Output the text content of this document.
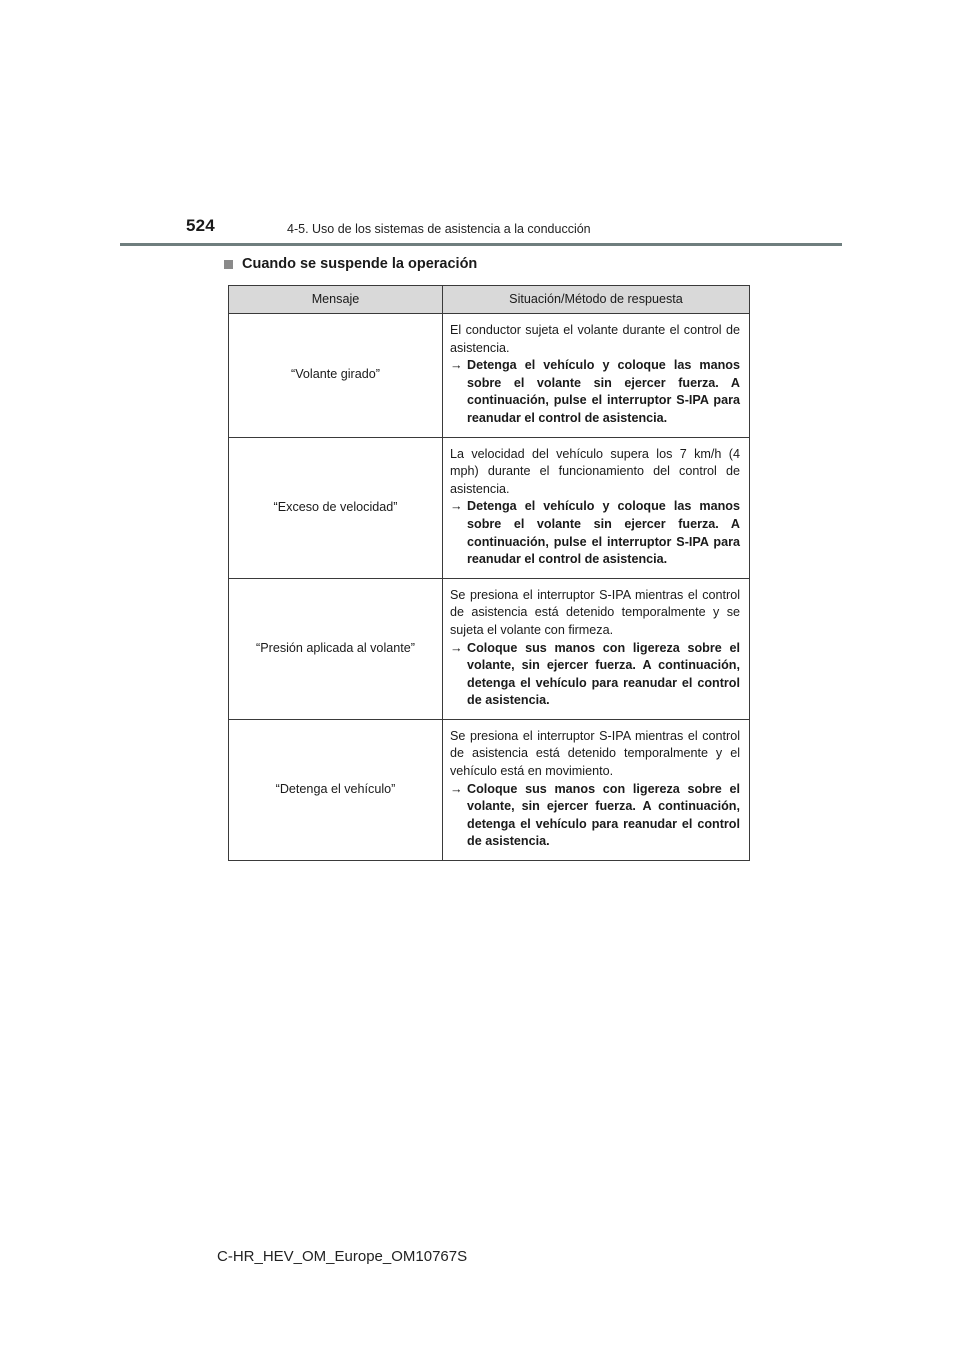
524	4-5. Uso de los sistemas de asistencia a la conducción
Cuando se suspende la operación
Mensaje	Situación/Método de respuesta
“Volante girado”	El conductor sujeta el volante durante el control de asistencia.
→ Detenga el vehículo y coloque las manos sobre el volante sin ejercer fuerza. A continuación, pulse el interruptor S-IPA para reanudar el control de asistencia.

“Exceso de velocidad”	La velocidad del vehículo supera los 7 km/h (4 mph) durante el funcionamiento del control de asistencia.
→ Detenga el vehículo y coloque las manos sobre el volante sin ejercer fuerza. A continuación, pulse el interruptor S-IPA para reanudar el control de asistencia.

“Presión aplicada al volante”	Se presiona el interruptor S-IPA mientras el control de asistencia está detenido temporalmente y se sujeta el volante con firmeza.
→ Coloque sus manos con ligereza sobre el volante, sin ejercer fuerza. A continuación, detenga el vehículo para reanudar el control de asistencia.

“Detenga el vehículo”	Se presiona el interruptor S-IPA mientras el control de asistencia está detenido temporalmente y el vehículo está en movimiento.
→ Coloque sus manos con ligereza sobre el volante, sin ejercer fuerza. A continuación, detenga el vehículo para reanudar el control de asistencia.
C-HR_HEV_OM_Europe_OM10767S
